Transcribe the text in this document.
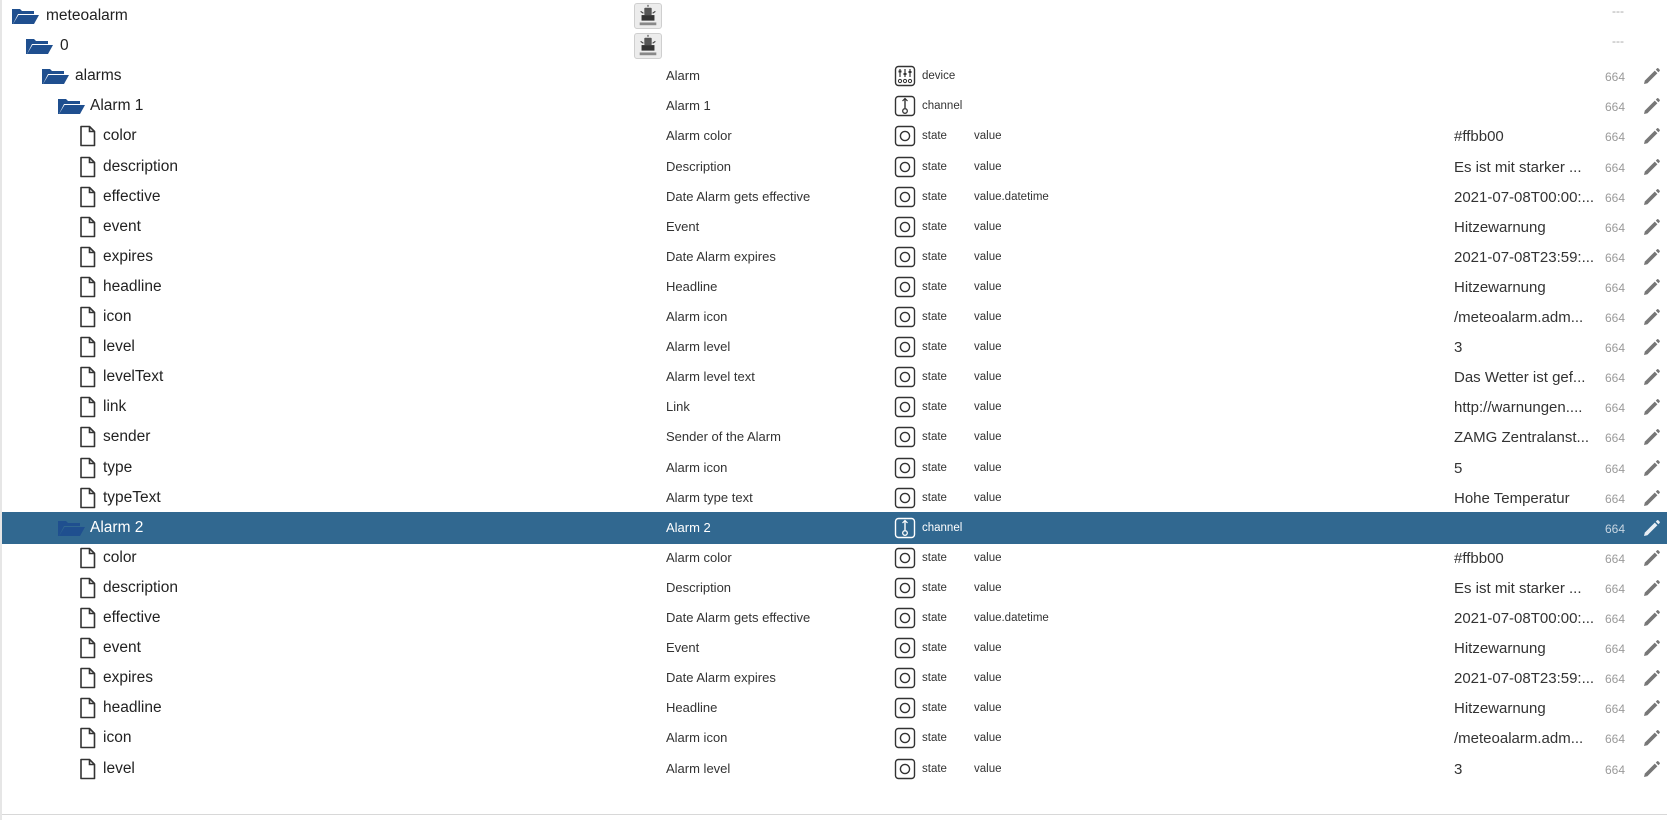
meteoalarm	---
0	---
alarms	Alarm	device	664
Alarm 1	Alarm 1	channel	664
color	Alarm color	state value	#ffbb00	664
description	Description	state value	Es ist mit starker ...	664
effective	Date Alarm gets effective	state value.datetime	2021-07-08T00:00:... 664
event	Event	state value	Hitzewarnung	664
expires	Date Alarm expires	state value	2021-07-08T23:59:... 664
headline	Headline	state value	Hitzewarnung	664
icon	Alarm icon	state value	/meteoalarm.adm...	664
level	Alarm level	state value	3	664
levelText	Alarm level text	state value	Das Wetter ist gef...	664
link	Link	state value	http://warnungen....	664
sender	Sender of the Alarm	state value	ZAMG Zentralanst...	664
type	Alarm icon	state value	5	664
typeText	Alarm type text	state value	Hohe Temperatur	664
Alarm 2	Alarm 2	channel	664
color	Alarm color	state value	#ffbb00	664
description	Description	state value	Es ist mit starker ...	664
effective	Date Alarm gets effective	state value.datetime	2021-07-08T00:00:... 664
event	Event	state value	Hitzewarnung	664
expires	Date Alarm expires	state value	2021-07-08T23:59:... 664
headline	Headline	state value	Hitzewarnung	664
icon	Alarm icon	state value	/meteoalarm.adm...	664
level	Alarm level	state value	3	664
